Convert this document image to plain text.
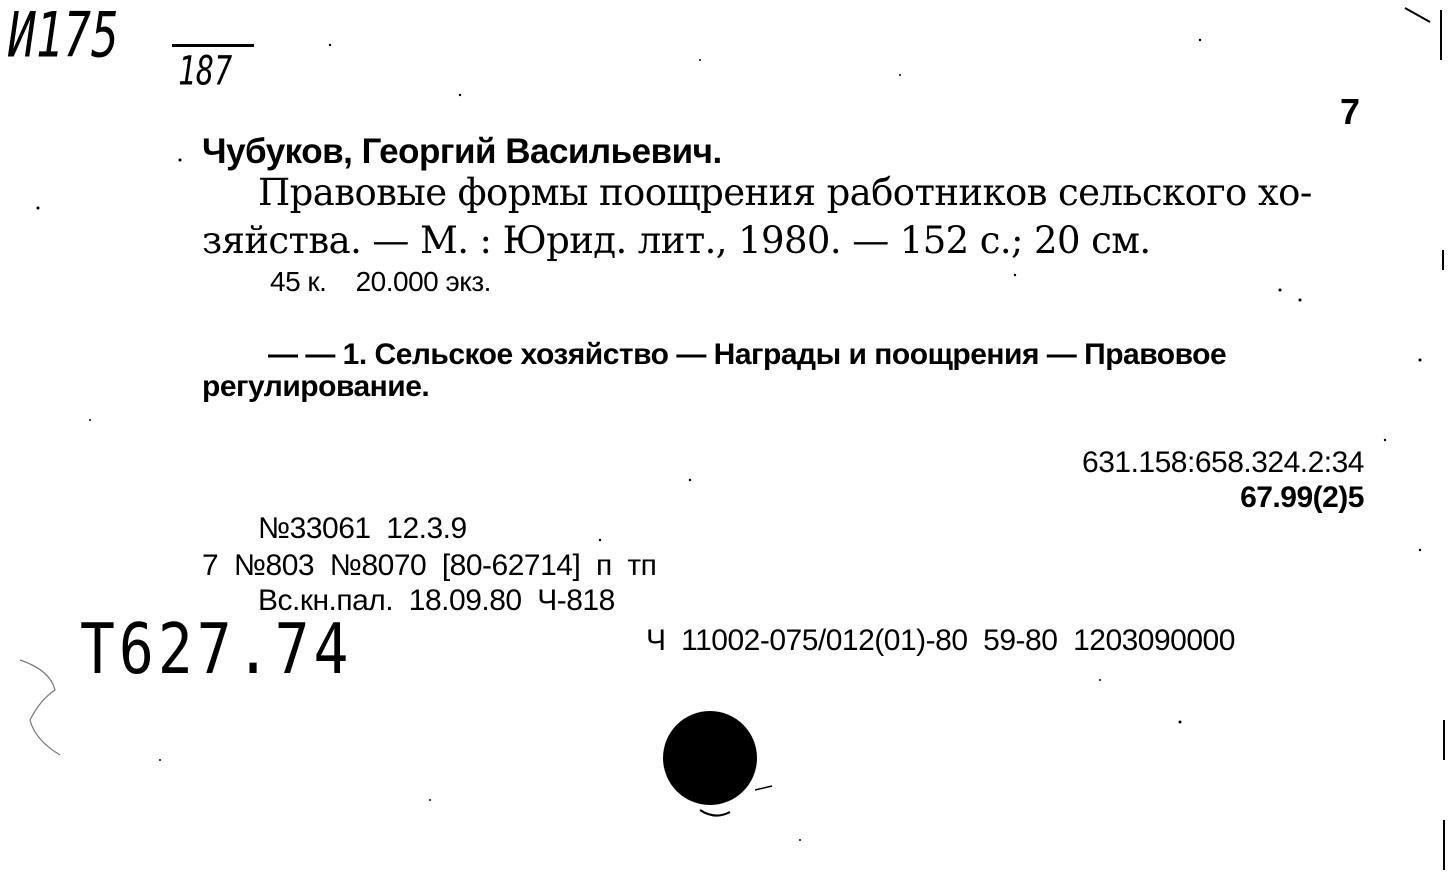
И175
187
7
Чубуков, Георгий Васильевич.
Правовые формы поощрения работников сельского хо-
зяйства. — М. : Юрид. лит., 1980. — 152 с.; 20 см.
45 к.    20.000 экз.
— — 1. Сельское хозяйство — Награды и поощрения — Правовое
регулирование.
631.158:658.324.2:34
67.99(2)5
№33061  12.3.9
7  №803  №8070  [80-62714]  п  тп
Вс.кн.пал.  18.09.80  Ч-818
T627.74	Ч  11002-075/012(01)-80  59-80  1203090000
